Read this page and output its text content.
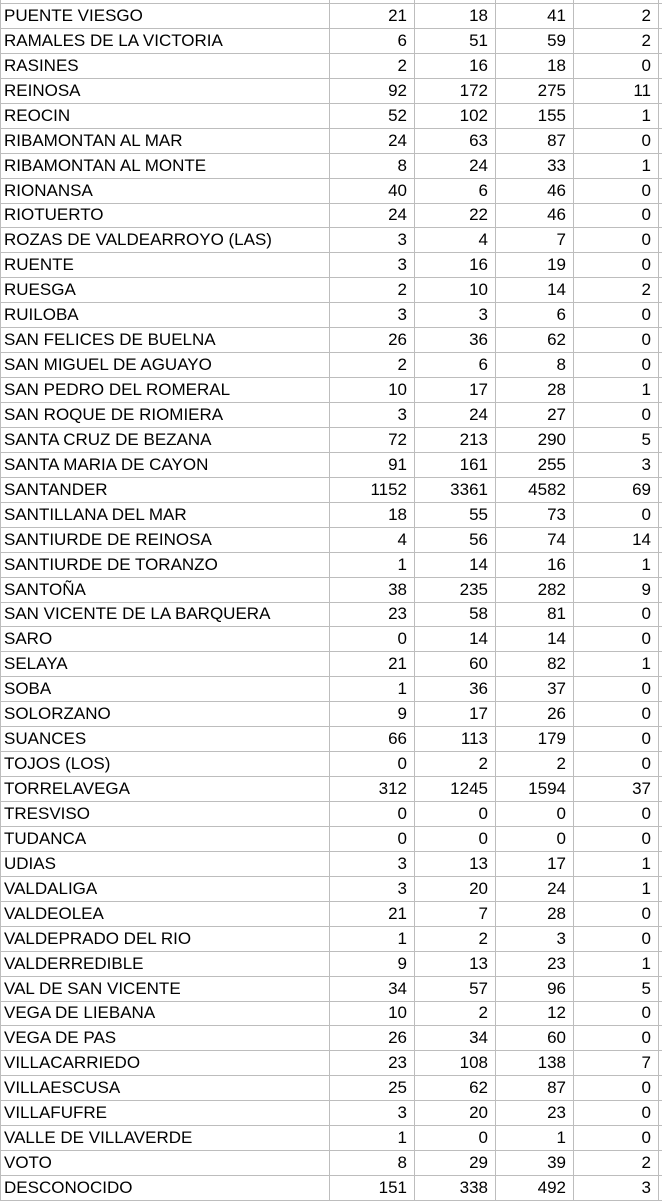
PUENTE VIESGO	21	18	41	2
RAMALES DE LA VICTORIA	6	51	59	2
RASINES	2	16	18	0
REINOSA	92	172	275	11
REOCIN	52	102	155	1
RIBAMONTAN AL MAR	24	63	87	0
RIBAMONTAN AL MONTE	8	24	33	1
RIONANSA	40	6	46	0
RIOTUERTO	24	22	46	0
ROZAS DE VALDEARROYO (LAS)	3	4	7	0
RUENTE	3	16	19	0
RUESGA	2	10	14	2
RUILOBA	3	3	6	0
SAN FELICES DE BUELNA	26	36	62	0
SAN MIGUEL DE AGUAYO	2	6	8	0
SAN PEDRO DEL ROMERAL	10	17	28	1
SAN ROQUE DE RIOMIERA	3	24	27	0
SANTA CRUZ DE BEZANA	72	213	290	5
SANTA MARIA DE CAYON	91	161	255	3
SANTANDER	1152	3361	4582	69
SANTILLANA DEL MAR	18	55	73	0
SANTIURDE DE REINOSA	4	56	74	14
SANTIURDE DE TORANZO	1	14	16	1
SANTOÑA	38	235	282	9
SAN VICENTE DE LA BARQUERA	23	58	81	0
SARO	0	14	14	0
SELAYA	21	60	82	1
SOBA	1	36	37	0
SOLORZANO	9	17	26	0
SUANCES	66	113	179	0
TOJOS (LOS)	0	2	2	0
TORRELAVEGA	312	1245	1594	37
TRESVISO	0	0	0	0
TUDANCA	0	0	0	0
UDIAS	3	13	17	1
VALDALIGA	3	20	24	1
VALDEOLEA	21	7	28	0
VALDEPRADO DEL RIO	1	2	3	0
VALDERREDIBLE	9	13	23	1
VAL DE SAN VICENTE	34	57	96	5
VEGA DE LIEBANA	10	2	12	0
VEGA DE PAS	26	34	60	0
VILLACARRIEDO	23	108	138	7
VILLAESCUSA	25	62	87	0
VILLAFUFRE	3	20	23	0
VALLE DE VILLAVERDE	1	0	1	0
VOTO	8	29	39	2
DESCONOCIDO	151	338	492	3
